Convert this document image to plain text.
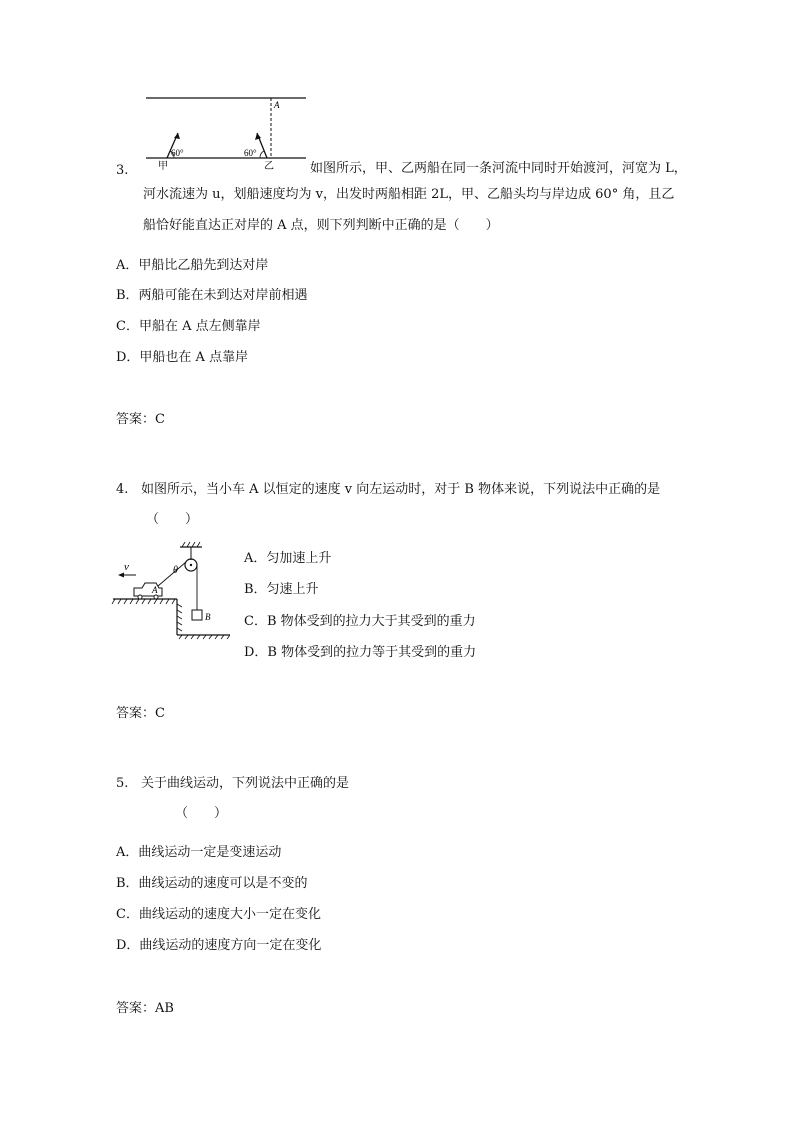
A
60°	60°
甲	乙
3.	如图所示，甲、乙两船在同一条河流中同时开始渡河，河宽为 L，
河水流速为 u，划船速度均为 v，出发时两船相距 2L，甲、乙船头均与岸边成 60° 角，且乙
船恰好能直达正对岸的 A 点，则下列判断中正确的是（　　）
A．甲船比乙船先到达对岸
B．两船可能在未到达对岸前相遇
C．甲船在 A 点左侧靠岸
D．甲船也在 A 点靠岸
答案：C
4. 如图所示，当小车 A 以恒定的速度 v 向左运动时，对于 B 物体来说，下列说法中正确的是
（　　）
θ
A
v
B
A．匀加速上升
B．匀速上升
C．B 物体受到的拉力大于其受到的重力
D．B 物体受到的拉力等于其受到的重力
答案：C
5. 关于曲线运动，下列说法中正确的是
（　　）
A．曲线运动一定是变速运动
B．曲线运动的速度可以是不变的
C．曲线运动的速度大小一定在变化
D．曲线运动的速度方向一定在变化
答案：AB
